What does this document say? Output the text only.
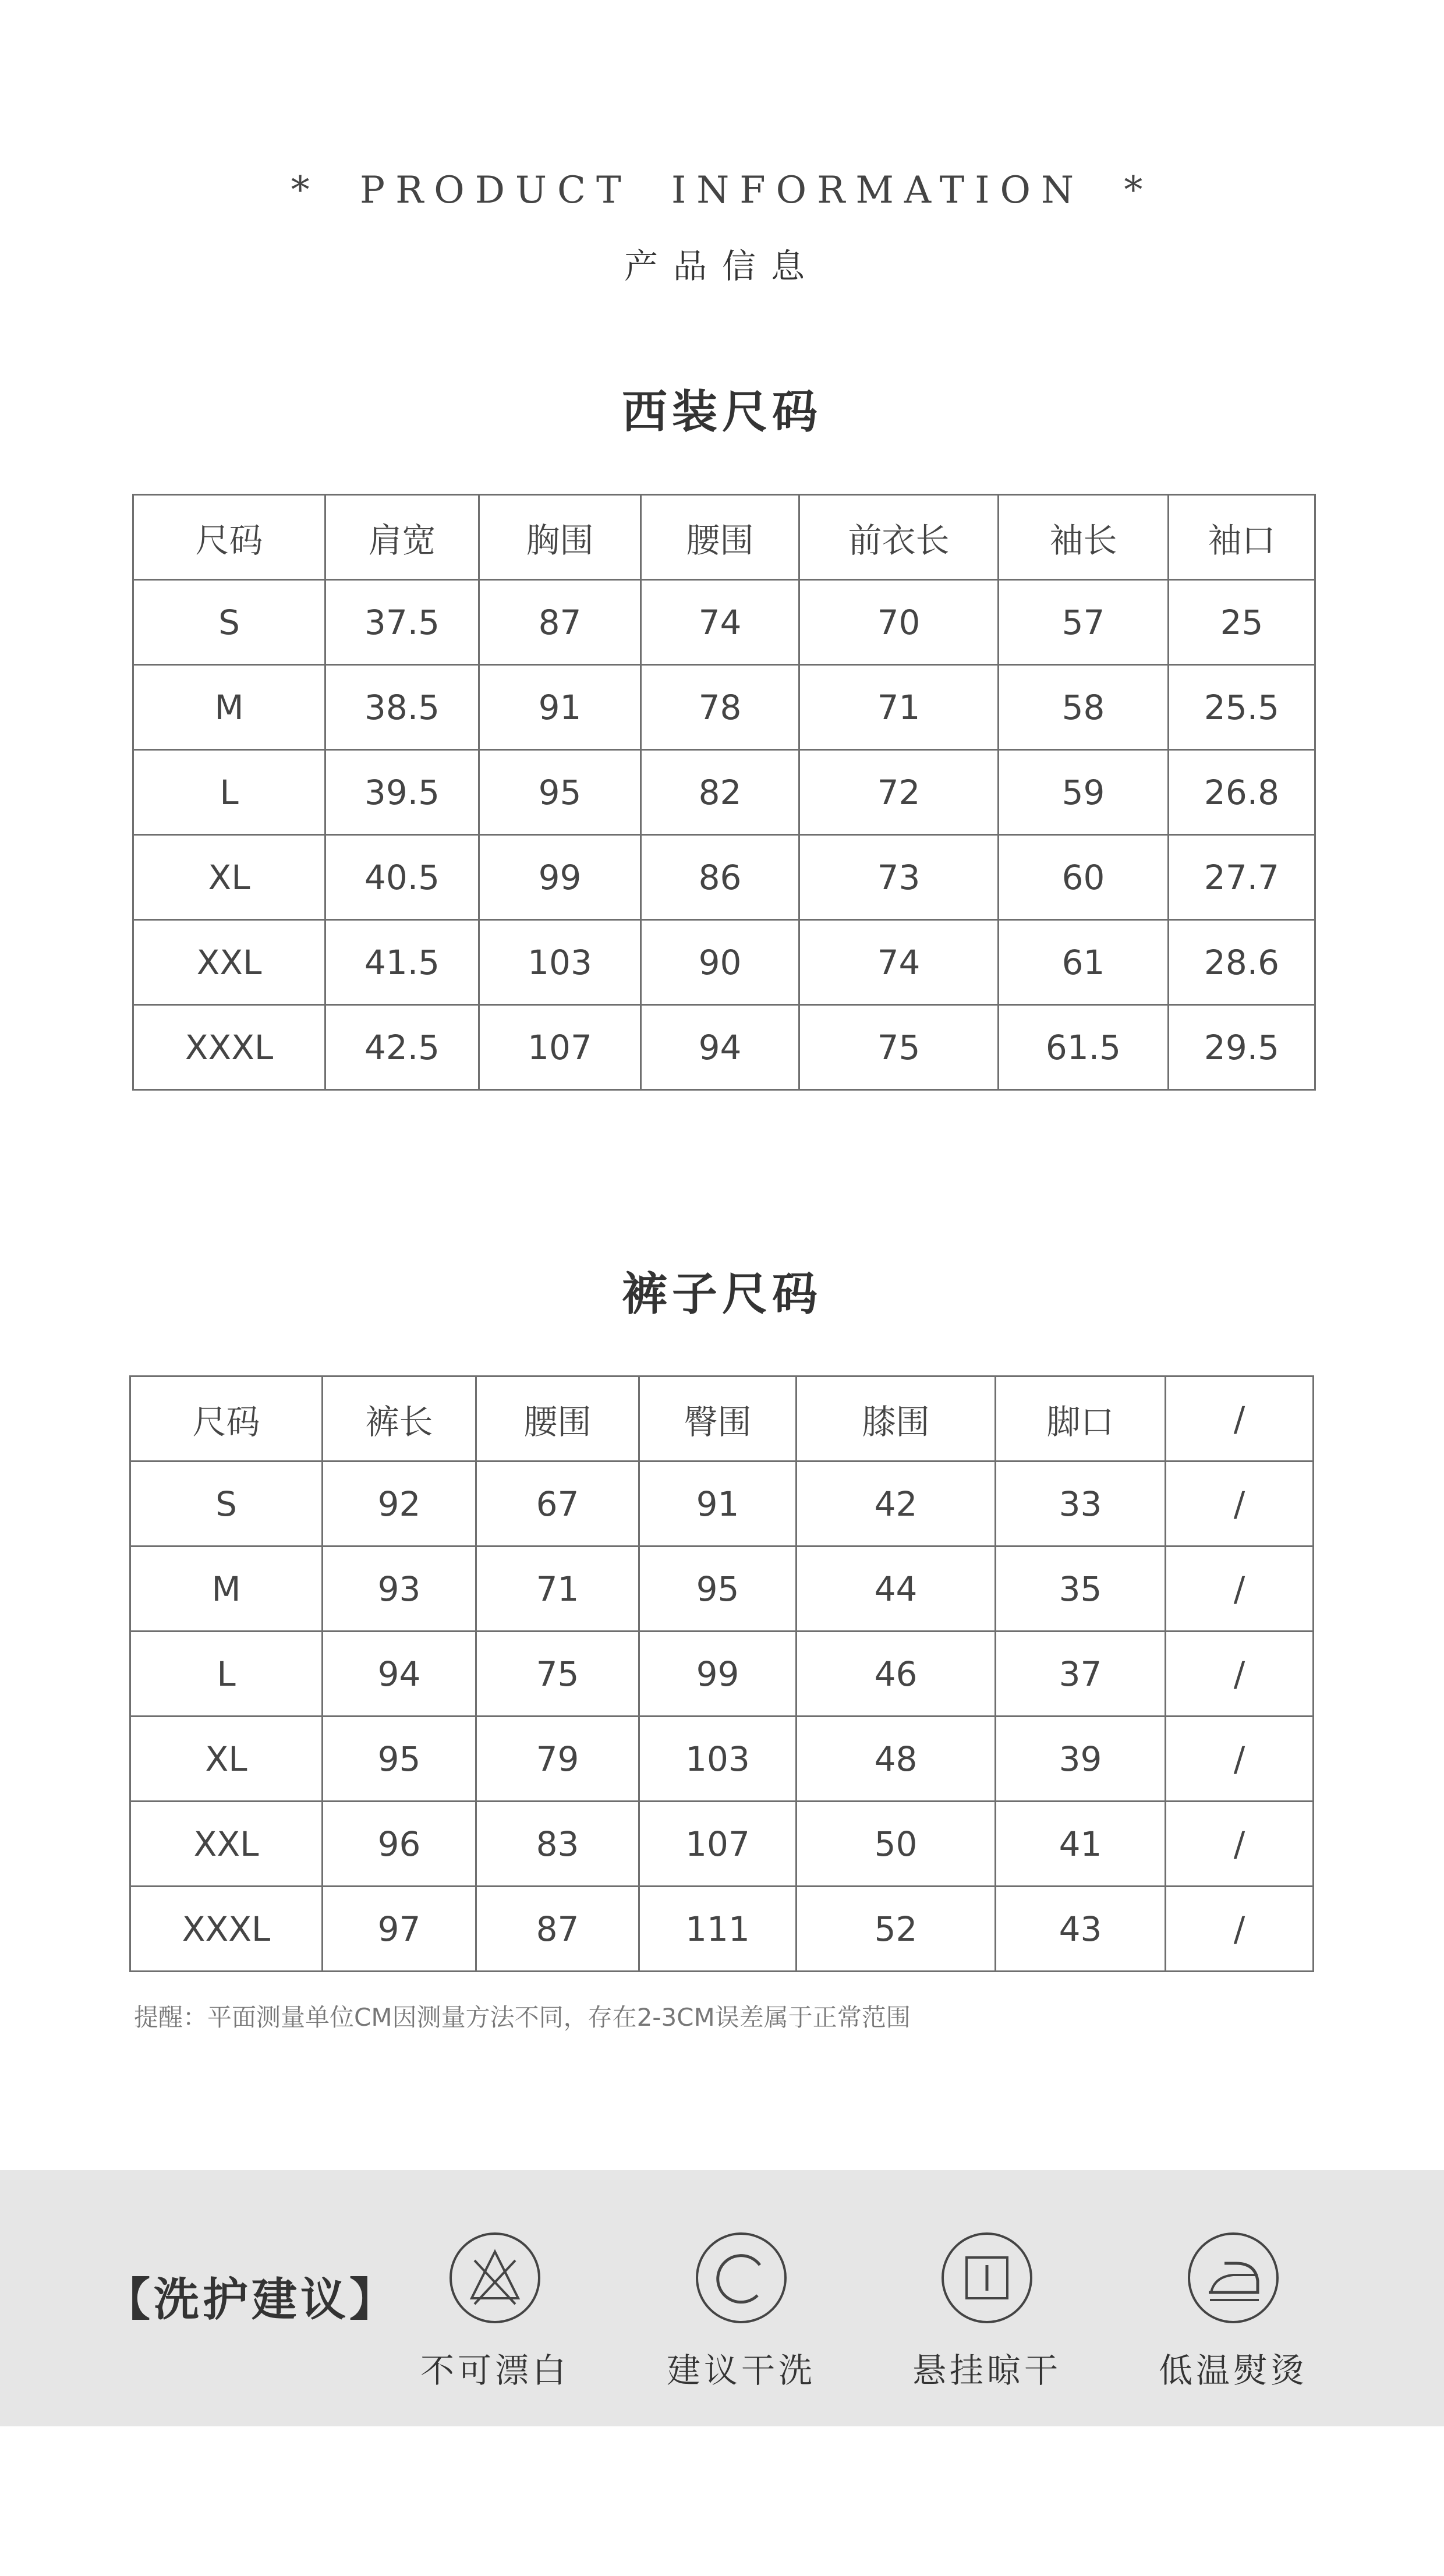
* PRODUCT INFORMATION *
产品信息
西装尺码
尺码	肩宽	胸围	腰围	前衣长	袖长	袖口
S	37.5	87	74	70	57	25
M	38.5	91	78	71	58	25.5
L	39.5	95	82	72	59	26.8
XL	40.5	99	86	73	60	27.7
XXL	41.5	103	90	74	61	28.6
XXXL	42.5	107	94	75	61.5	29.5
裤子尺码
尺码	裤长	腰围	臀围	膝围	脚口	/
S	92	67	91	42	33	/
M	93	71	95	44	35	/
L	94	75	99	46	37	/
XL	95	79	103	48	39	/
XXL	96	83	107	50	41	/
XXXL	97	87	111	52	43	/
提醒：平面测量单位CM因测量方法不同，存在2-3CM误差属于正常范围
【洗护建议】
不可漂白	建议干洗	悬挂晾干	低温熨烫
